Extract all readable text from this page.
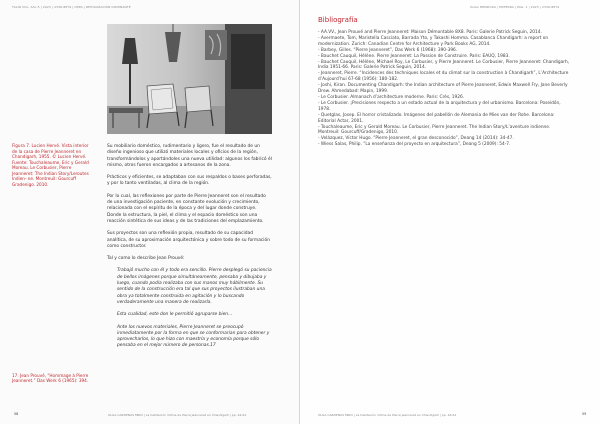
TALIN VOL. Año 5 | 2023 | 2336-8879 | DPPA | RESTAURACIÓN DOMINANTE
Figura 7. Lucien Hervé. Vista interior de la casa de Pierre Jeanneret en Chandigarh, 1955. © Lucien Hervé. Fuente: Touchaleaume, Eric y Gerald Moreau. Le Corbusier, Pierre Jeanneret: The Indian Story/Leroutes Indien- ne. Montreuil: Gourcuff Gradenigo. 2010.

Su mobiliario doméstico, rudimentario y ligero, fue el resultado de un diseño ingenioso que utilizó materiales locales y oficios de la región, transformándolos y aportándoles una nueva utilidad: algunos los fabricó él mismo, otros fueron encargados a artesanos de la zona.

Prácticos y eficientes, se adaptaban con sus respaldos o bases perforadas, y por lo tanto ventiladas, al clima de la región.

Por lo cual, las reflexiones por parte de Pierre Jeanneret son el resultado de una investigación paciente, en constante evolución y crecimiento, relacionada con el espíritu de la época y del lugar donde construye. Donde la estructura, la piel, el clima y el espacio doméstico son una reacción sintética de sus ideas y de las tradiciones del emplazamiento.

Sus proyectos son una reflexión propia, resultado de su capacidad analítica, de su aproximación arquitectónica y sobre todo de su formación como constructor.

Tal y como lo describe Jean Prouvé:

Trabajó mucho con él y todo era sencillo. Pierre desplegó su paciencia de bellos imágenes porque simultáneamente, pensaba y dibujaba y luego, cuando podía realizaba con sus manos muy hábilmente. Su sentido de la construcción era tal que sus proyectos ilustraban una obra ya totalmente construida en agitación y lo buscando verdaderamente una manera de realizarla.

Esta cualidad, este don le permitió agruparse bien...

Ante los nuevos materiales, Pierre Jeanneret se preocupó inmediatamente por la forma en que se conformarían para obtener y aprovecharlos, lo que hizo con maestría y economía porque sólo pensaba en el mejor número de personas.17

17. Jean Prouvé, “Hommage à Pierre Jeanneret.” Das Werk 6 (1965): 394.
58	OLGA CARDENAS MIRO | La habitación íntima de Pierre Jeanneret en Chandigarh | pp. 44-61
OLGA MENDOZA | ENTERRA | PÁG. 1 | 2023 | 2336-8879
Bibliografía

- AA.VV., Jean Prouvé and Pierre Jeanneret: Maison Démontable 8X8. Paris: Galerie Patrick Seguin, 2014.

- Avermaete, Tom, Maristella Casciato, Barrada Yto, y Takashi Homma. Casablanca Chandigarh: a report on modernization. Zurich: Canadian Centre for Architecture y Park Books AG, 2014.

- Barbey, Gilles. “Pierre Jeanneret”, Das Werk 6 (1968): 390-396.

- Bauchet Cauquil, Hélène. Pierre Jeanneret: La Passion de Construire. Paris: EAUQ, 1983.

- Bauchet Cauquil, Hélène, Michael Roy, Le Corbusier, y Pierre Jeanneret. Le Corbusier, Pierre Jeanneret: Chandigarh, India 1951-66. Paris: Galerie Patrick Seguin, 2014.

- Jeanneret, Pierre. “Incidences des techniques locales et du climat sur la construction à Chandigarh”, L’Architecture d’Aujourd’hui 67-68 (1956): 180-182.

- Joshi, Kiran. Documenting Chandigarh: the Indian architecture of Pierre Jeanneret, Edwin Maxwell Fry, Jane Beverly Drew. Ahmedabad: Mapin, 1999.

- Le Corbusier. Almanach d’architecture moderne. Paris: Crès, 1926.

- Le Corbusier. ¡Precisiones respecto a un estado actual de la arquitectura y del urbanismo. Barcelona: Poseidón, 1978.

- Quetglas, Josep. El horror cristalizado. Imágenes del pabellón de Alemania de Mies van der Rohe. Barcelona: Editorial Actar, 2001.

- Touchaleaume, Eric y Gerald Moreau. Le Corbusier, Pierre Jeanneret. The Indian Story/L’aventure indienne. Montreuil: Gourcuff/Gradenigo, 2010.

- Velázquez, Víctor Hugo. “Pierre Jeanneret, el gran desconocido”, Deang 14 (2014): 34-47.

- Wiess Salas, Philip. “La enseñanza del proyecto en arquitectura”, Deang 5 (2009): 54-7.

OLGA CARDENAS MIRO | La habitación íntima de Pierre Jeanneret en Chandigarh | pp. 44-61	59
